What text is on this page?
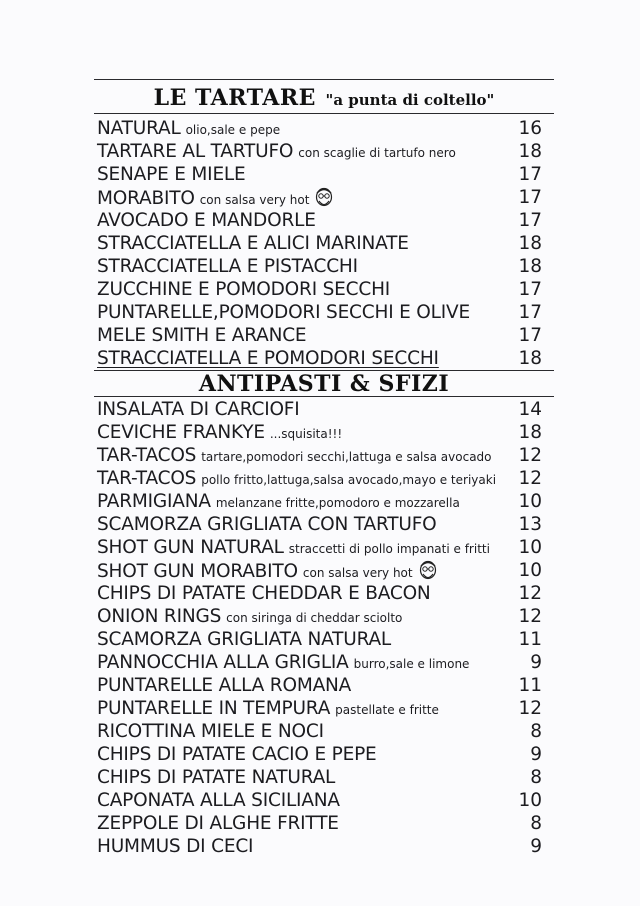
LE TARTARE "a punta di coltello"
NATURAL olio,sale e pepe	16
TARTARE AL TARTUFO con scaglie di tartufo nero	18
SENAPE E MIELE	17
MORABITO con salsa very hot	17
AVOCADO E MANDORLE	17
STRACCIATELLA E ALICI MARINATE	18
STRACCIATELLA E PISTACCHI	18
ZUCCHINE E POMODORI SECCHI	17
PUNTARELLE,POMODORI SECCHI E OLIVE	17
MELE SMITH E ARANCE	17
STRACCIATELLA E POMODORI SECCHI	18
ANTIPASTI & SFIZI
INSALATA DI CARCIOFI	14
CEVICHE FRANKYE ...squisita!!!	18
TAR-TACOS tartare,pomodori secchi,lattuga e salsa avocado 12
TAR-TACOS pollo fritto,lattuga,salsa avocado,mayo e teriyaki 12
PARMIGIANA melanzane fritte,pomodoro e mozzarella	10
SCAMORZA GRIGLIATA CON TARTUFO	13
SHOT GUN NATURAL straccetti di pollo impanati e fritti 10
SHOT GUN MORABITO con salsa very hot	10
CHIPS DI PATATE CHEDDAR E BACON	12
ONION RINGS con siringa di cheddar sciolto	12
SCAMORZA GRIGLIATA NATURAL	11
PANNOCCHIA ALLA GRIGLIA burro,sale e limone	9
PUNTARELLE ALLA ROMANA	11
PUNTARELLE IN TEMPURA pastellate e fritte	12
RICOTTINA MIELE E NOCI	8
CHIPS DI PATATE CACIO E PEPE	9
CHIPS DI PATATE NATURAL	8
CAPONATA ALLA SICILIANA	10
ZEPPOLE DI ALGHE FRITTE	8
HUMMUS DI CECI	9
